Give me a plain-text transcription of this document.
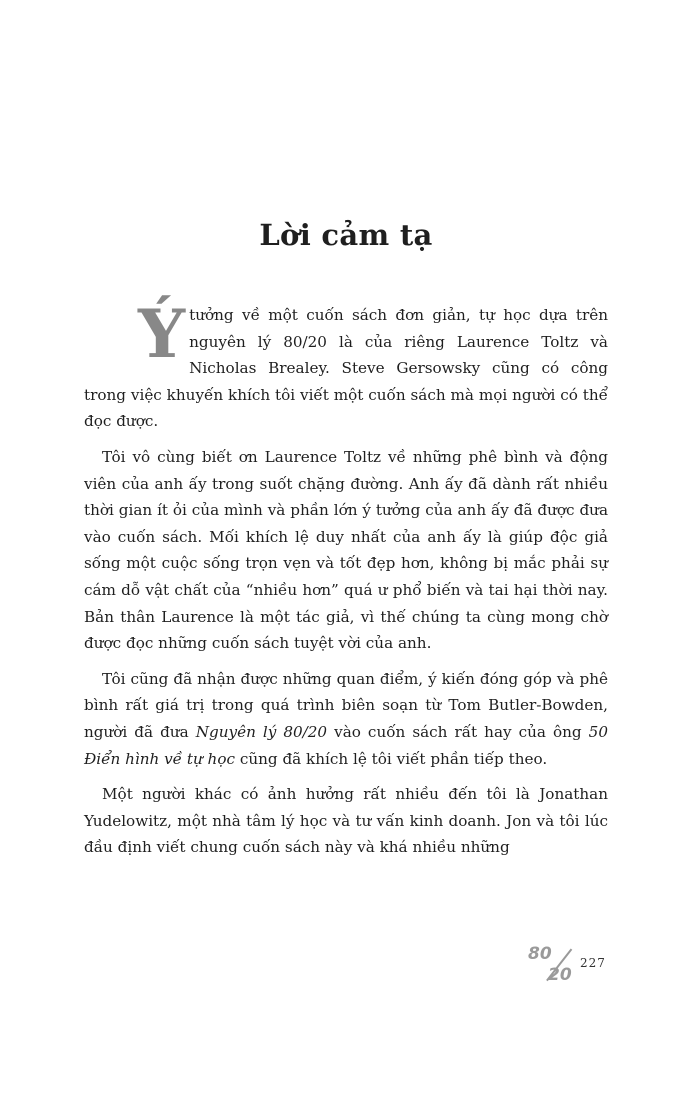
Lời cảm tạ

Ý tưởng về một cuốn sách đơn giản, tự học dựa trên nguyên lý 80/20 là của riêng Laurence Toltz và Nicholas Brealey. Steve Gersowsky cũng có công trong việc khuyến khích tôi viết một cuốn sách mà mọi người có thể đọc được.

Tôi vô cùng biết ơn Laurence Toltz về những phê bình và động viên của anh ấy trong suốt chặng đường. Anh ấy đã dành rất nhiều thời gian ít ỏi của mình và phần lớn ý tưởng của anh ấy đã được đưa vào cuốn sách. Mối khích lệ duy nhất của anh ấy là giúp độc giả sống một cuộc sống trọn vẹn và tốt đẹp hơn, không bị mắc phải sự cám dỗ vật chất của “nhiều hơn” quá ư phổ biến và tai hại thời nay. Bản thân Laurence là một tác giả, vì thế chúng ta cùng mong chờ được đọc những cuốn sách tuyệt vời của anh.

Tôi cũng đã nhận được những quan điểm, ý kiến đóng góp và phê bình rất giá trị trong quá trình biên soạn từ Tom Butler-Bowden, người đã đưa Nguyên lý 80/20 vào cuốn sách rất hay của ông 50 Điển hình về tự học cũng đã khích lệ tôi viết phần tiếp theo.

Một người khác có ảnh hưởng rất nhiều đến tôi là Jonathan Yudelowitz, một nhà tâm lý học và tư vấn kinh doanh. Jon và tôi lúc đầu định viết chung cuốn sách này và khá nhiều những

80
20
227
